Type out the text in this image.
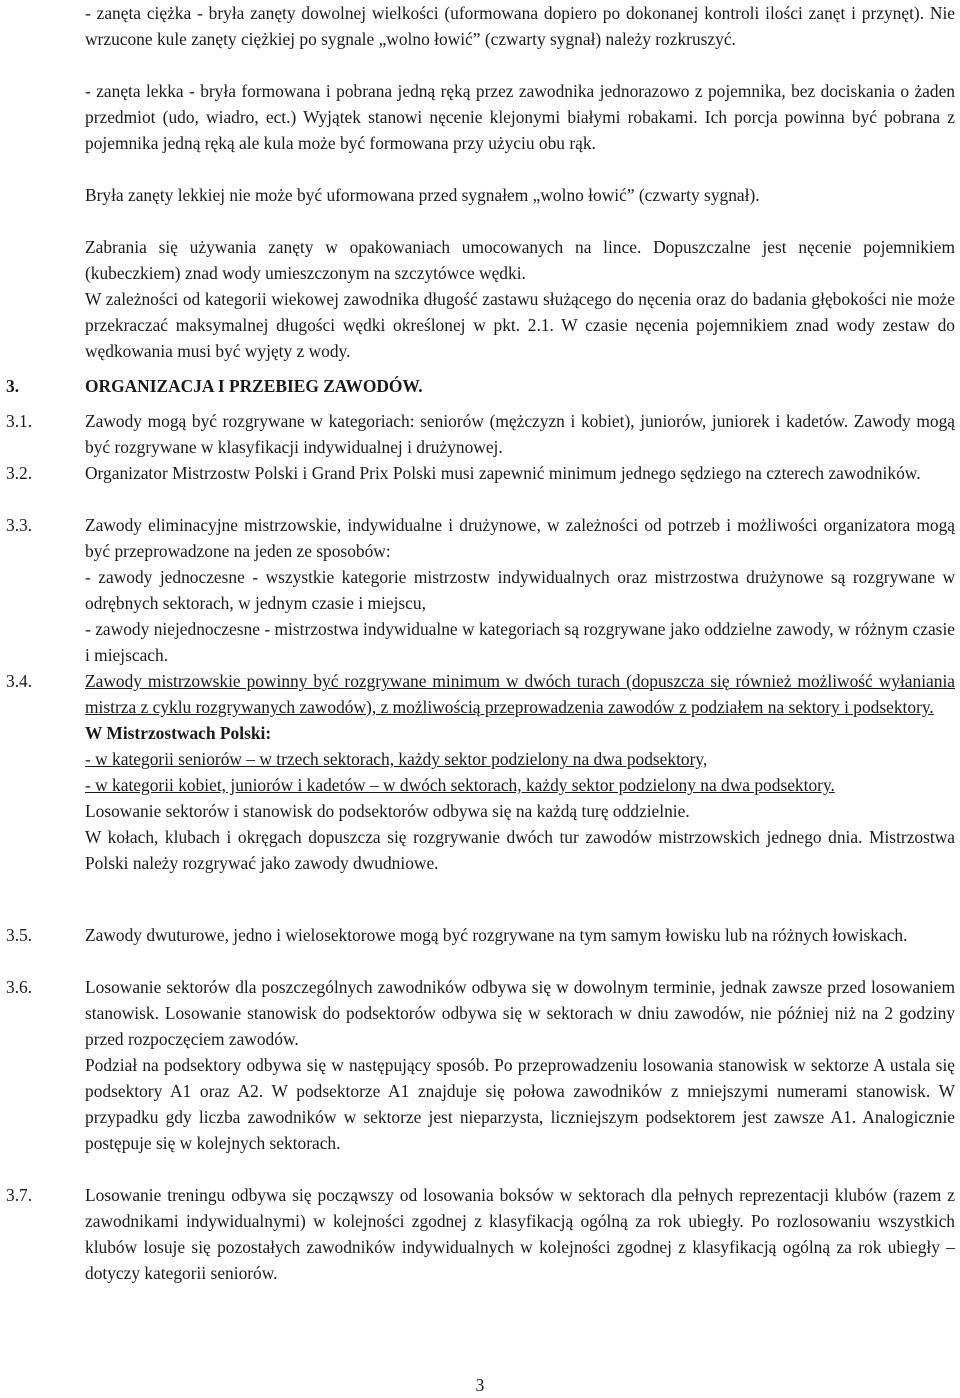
- zanęta ciężka - bryła zanęty dowolnej wielkości (uformowana dopiero po dokonanej kontroli ilości zanęt i przynęt). Nie wrzucone kule zanęty ciężkiej po sygnale „wolno łowić” (czwarty sygnał) należy rozkruszyć.

- zanęta lekka - bryła formowana i pobrana jedną ręką przez zawodnika jednorazowo z pojemnika, bez dociskania o żaden przedmiot (udo, wiadro, ect.) Wyjątek stanowi nęcenie klejonymi białymi robakami. Ich porcja powinna być pobrana z pojemnika jedną ręką ale kula może być formowana przy użyciu obu rąk.

Bryła zanęty lekkiej nie może być uformowana przed sygnałem „wolno łowić” (czwarty sygnał).

Zabrania się używania zanęty w opakowaniach umocowanych na lince. Dopuszczalne jest nęcenie pojemnikiem (kubeczkiem) znad wody umieszczonym na szczytówce wędki.

W zależności od kategorii wiekowej zawodnika długość zastawu służącego do nęcenia oraz do badania głębokości nie może przekraczać maksymalnej długości wędki określonej w pkt. 2.1. W czasie nęcenia pojemnikiem znad wody zestaw do wędkowania musi być wyjęty z wody.

3.	ORGANIZACJA I PRZEBIEG ZAWODÓW.
3.1.	Zawody mogą być rozgrywane w kategoriach: seniorów (mężczyzn i kobiet), juniorów, juniorek i kadetów. Zawody mogą być rozgrywane w klasyfikacji indywidualnej i drużynowej.

3.2.	Organizator Mistrzostw Polski i Grand Prix Polski musi zapewnić minimum jednego sędziego na czterech zawodników.

3.3.	Zawody eliminacyjne mistrzowskie, indywidualne i drużynowe, w zależności od potrzeb i możliwości organizatora mogą być przeprowadzone na jeden ze sposobów:

- zawody jednoczesne - wszystkie kategorie mistrzostw indywidualnych oraz mistrzostwa drużynowe są rozgrywane w odrębnych sektorach, w jednym czasie i miejscu,

- zawody niejednoczesne - mistrzostwa indywidualne w kategoriach są rozgrywane jako oddzielne zawody, w różnym czasie i miejscach.

3.4.	Zawody mistrzowskie powinny być rozgrywane minimum w dwóch turach (dopuszcza się również możliwość wyłaniania mistrza z cyklu rozgrywanych zawodów), z możliwością przeprowadzenia zawodów z podziałem na sektory i podsektory.

W Mistrzostwach Polski:

- w kategorii seniorów – w trzech sektorach, każdy sektor podzielony na dwa podsektory,

- w kategorii kobiet, juniorów i kadetów – w dwóch sektorach, każdy sektor podzielony na dwa podsektory.

Losowanie sektorów i stanowisk do podsektorów odbywa się na każdą turę oddzielnie.

W kołach, klubach i okręgach dopuszcza się rozgrywanie dwóch tur zawodów mistrzowskich jednego dnia. Mistrzostwa Polski należy rozgrywać jako zawody dwudniowe.

3.5.	Zawody dwuturowe, jedno i wielosektorowe mogą być rozgrywane na tym samym łowisku lub na różnych łowiskach.

3.6.	Losowanie sektorów dla poszczególnych zawodników odbywa się w dowolnym terminie, jednak zawsze przed losowaniem stanowisk. Losowanie stanowisk do podsektorów odbywa się w sektorach w dniu zawodów, nie później niż na 2 godziny przed rozpoczęciem zawodów.

Podział na podsektory odbywa się w następujący sposób. Po przeprowadzeniu losowania stanowisk w sektorze A ustala się podsektory A1 oraz A2. W podsektorze A1 znajduje się połowa zawodników z mniejszymi numerami stanowisk. W przypadku gdy liczba zawodników w sektorze jest nieparzysta, liczniejszym podsektorem jest zawsze A1. Analogicznie postępuje się w kolejnych sektorach.

3.7.	Losowanie treningu odbywa się począwszy od losowania boksów w sektorach dla pełnych reprezentacji klubów (razem z zawodnikami indywidualnymi) w kolejności zgodnej z klasyfikacją ogólną za rok ubiegły. Po rozlosowaniu wszystkich klubów losuje się pozostałych zawodników indywidualnych w kolejności zgodnej z klasyfikacją ogólną za rok ubiegły – dotyczy kategorii seniorów.

3
